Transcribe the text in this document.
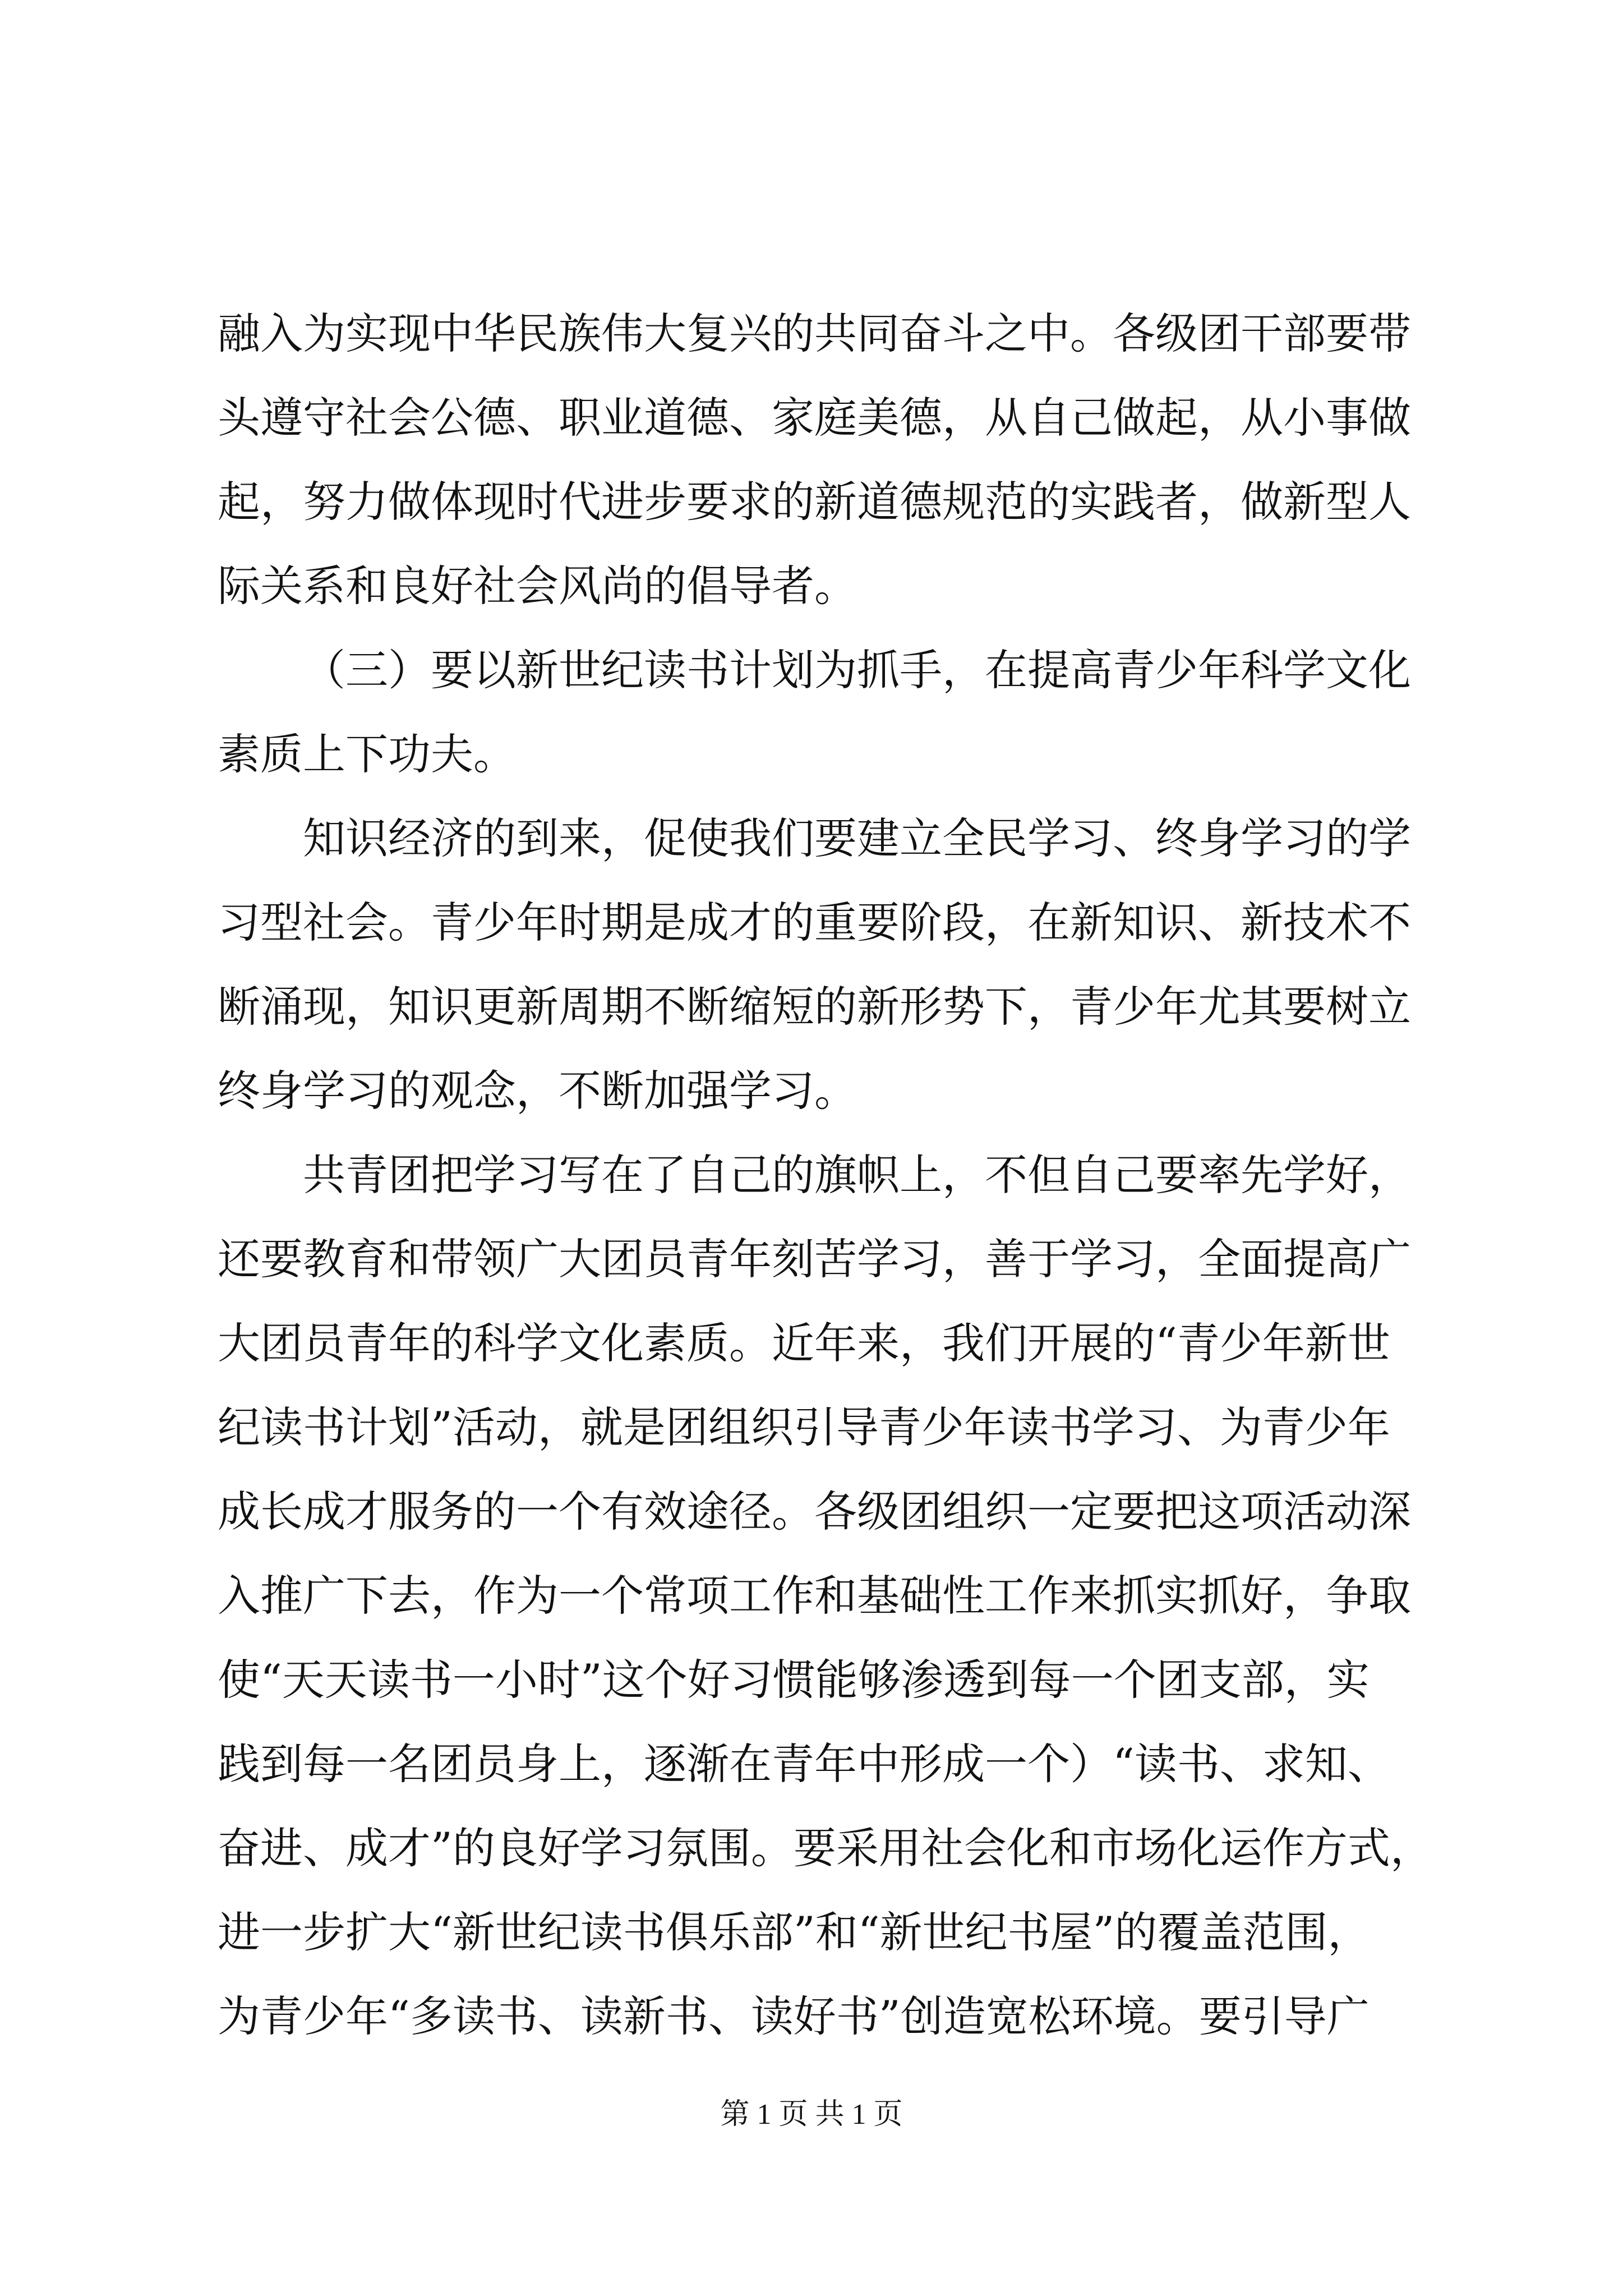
融入为实现中华民族伟大复兴的共同奋斗之中。各级团干部要带
头遵守社会公德、职业道德、家庭美德，从自己做起，从小事做
起，努力做体现时代进步要求的新道德规范的实践者，做新型人
际关系和良好社会风尚的倡导者。
（三）要以新世纪读书计划为抓手，在提高青少年科学文化
素质上下功夫。
知识经济的到来，促使我们要建立全民学习、终身学习的学
习型社会。青少年时期是成才的重要阶段，在新知识、新技术不
断涌现，知识更新周期不断缩短的新形势下，青少年尤其要树立
终身学习的观念，不断加强学习。
共青团把学习写在了自己的旗帜上，不但自己要率先学好，
还要教育和带领广大团员青年刻苦学习，善于学习，全面提高广
大团员青年的科学文化素质。近年来，我们开展的“青少年新世
纪读书计划”活动，就是团组织引导青少年读书学习、为青少年
成长成才服务的一个有效途径。各级团组织一定要把这项活动深
入推广下去，作为一个常项工作和基础性工作来抓实抓好，争取
使“天天读书一小时”这个好习惯能够渗透到每一个团支部，实
践到每一名团员身上，逐渐在青年中形成一个）“读书、求知、
奋进、成才”的良好学习氛围。要采用社会化和市场化运作方式，
进一步扩大“新世纪读书俱乐部”和“新世纪书屋”的覆盖范围，
为青少年“多读书、读新书、读好书”创造宽松环境。要引导广
第 1 页 共 1 页
